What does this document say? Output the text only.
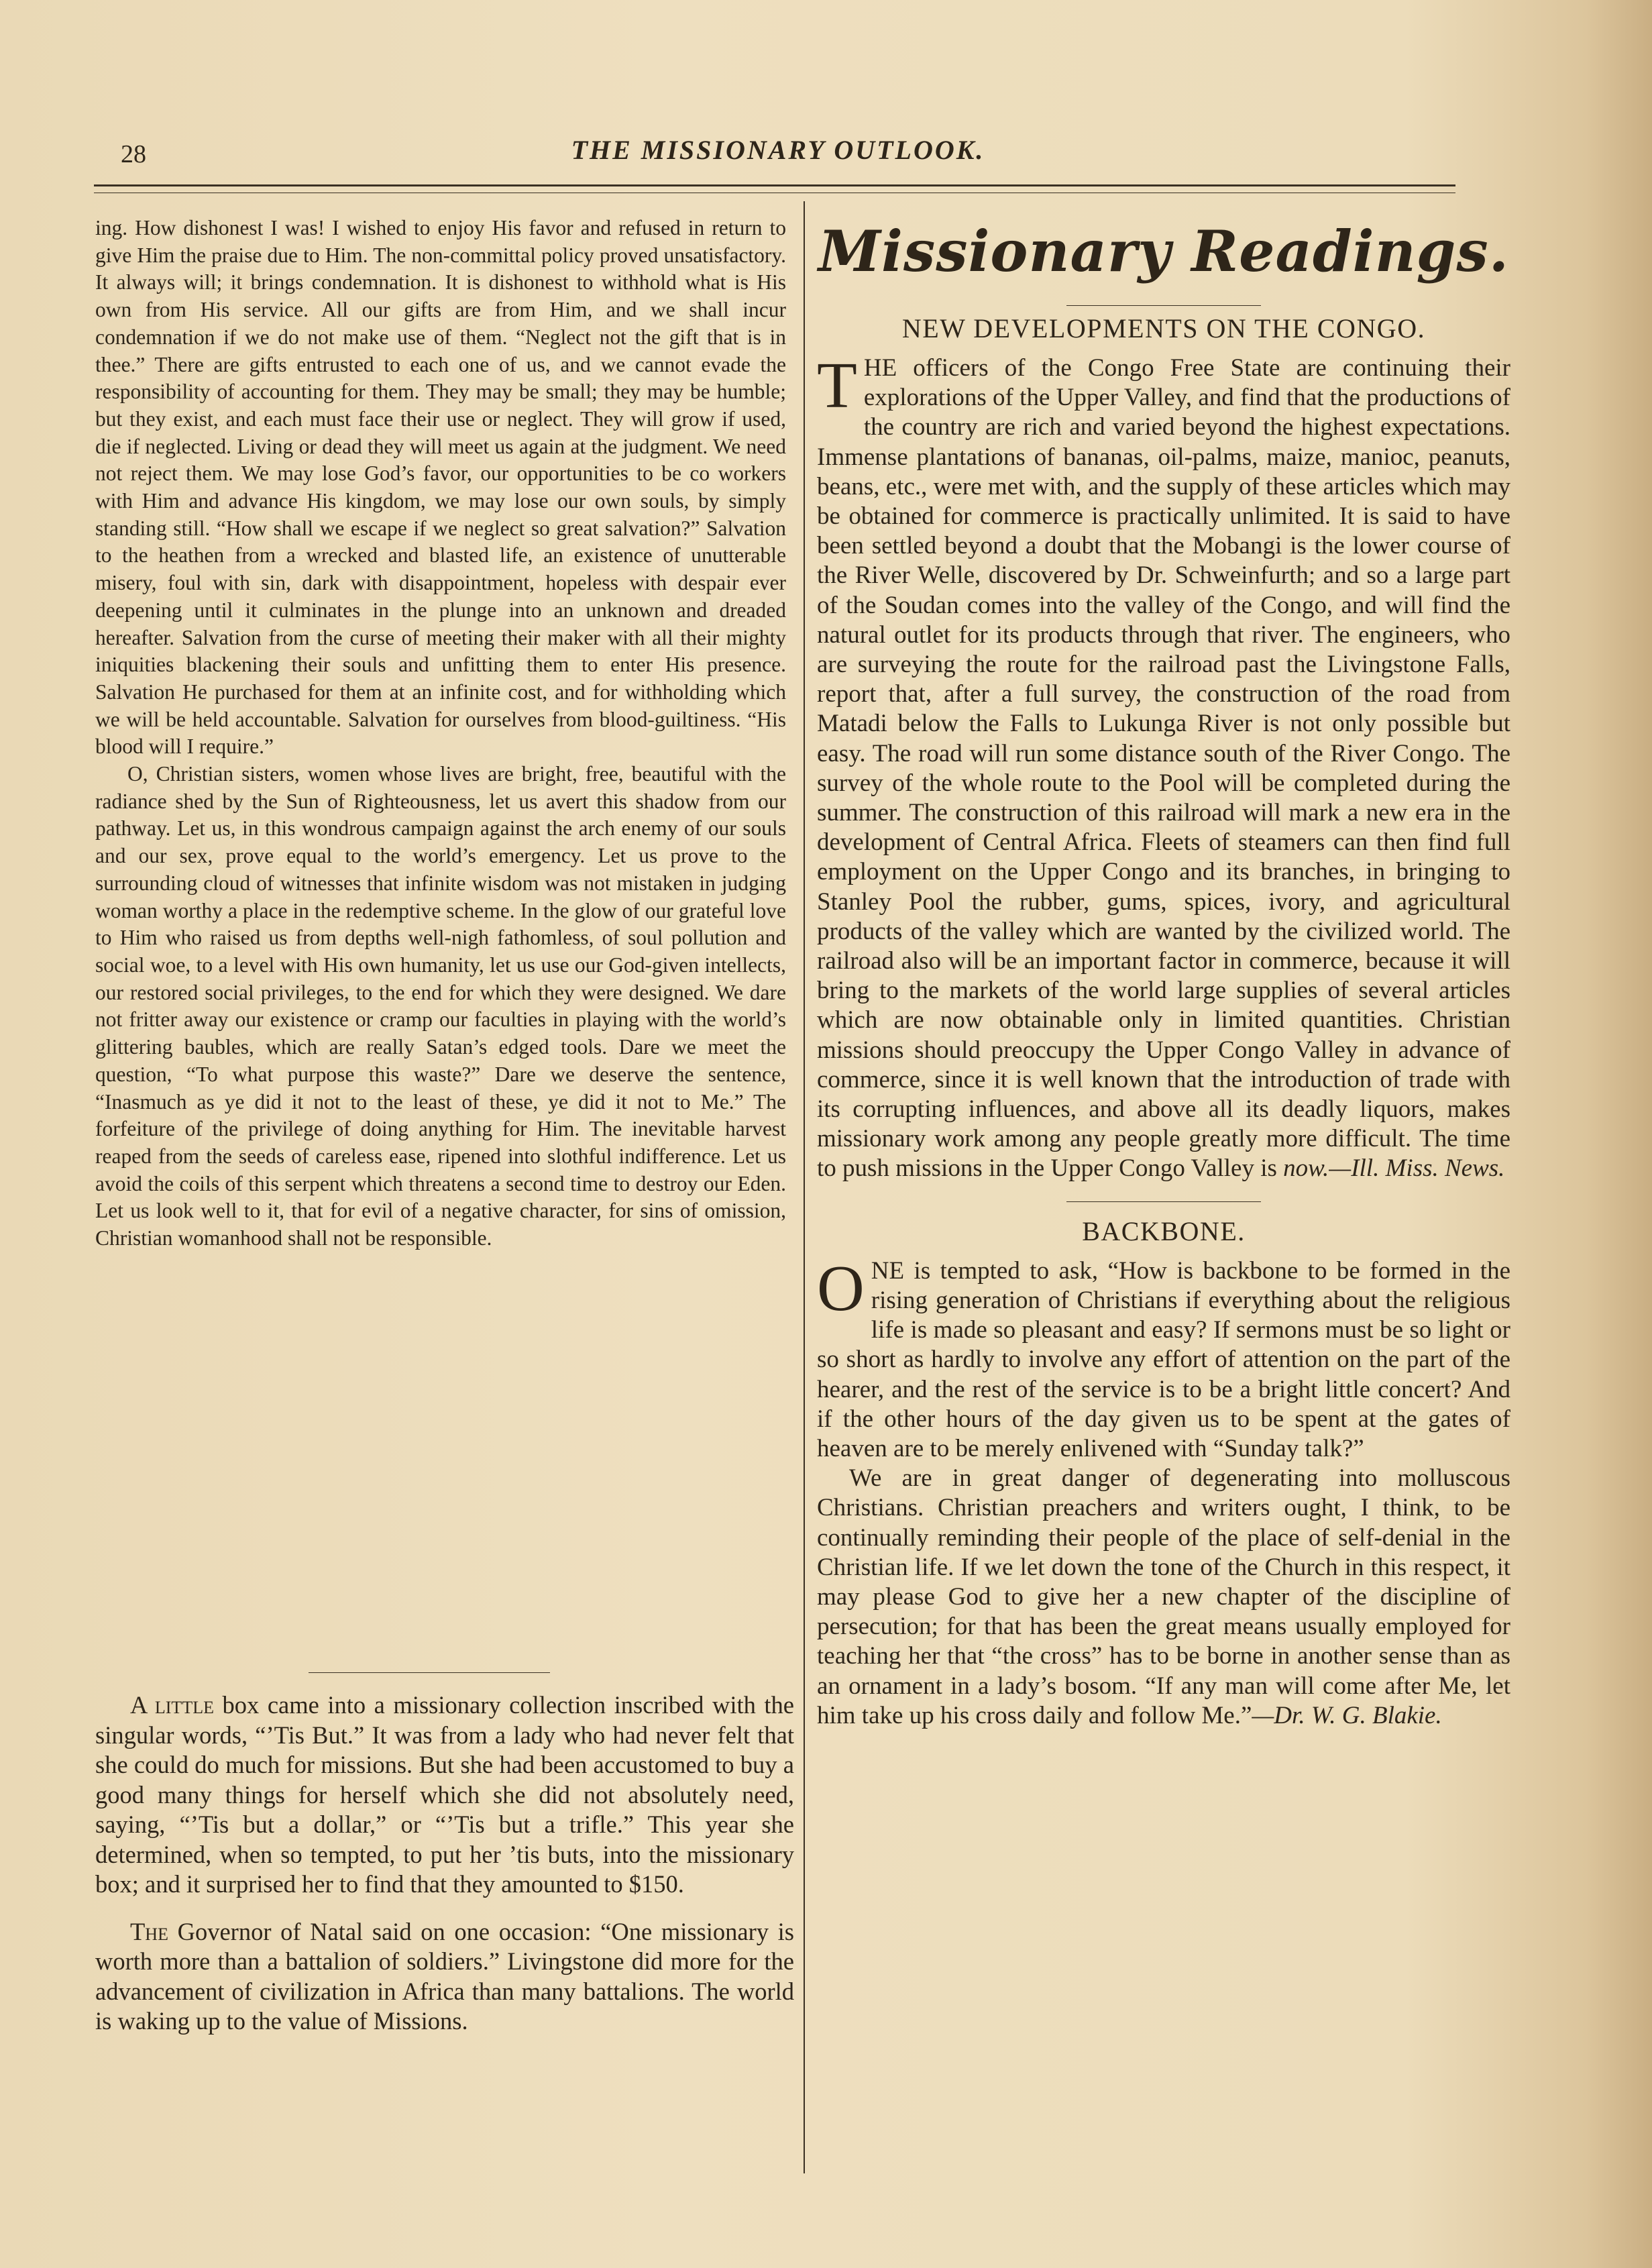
28	THE MISSIONARY OUTLOOK.

ing. How dishonest I was! I wished to enjoy His favor and refused in return to give Him the praise due to Him. The non-committal policy proved unsatisfactory. It always will; it brings condemnation. It is dishonest to withhold what is His own from His service. All our gifts are from Him, and we shall incur condemnation if we do not make use of them. “Neglect not the gift that is in thee.” There are gifts entrusted to each one of us, and we cannot evade the responsibility of accounting for them. They may be small; they may be humble; but they exist, and each must face their use or neglect. They will grow if used, die if neglected. Living or dead they will meet us again at the judgment. We need not reject them. We may lose God’s favor, our opportunities to be co workers with Him and advance His kingdom, we may lose our own souls, by simply standing still. “How shall we escape if we neglect so great salvation?” Salvation to the heathen from a wrecked and blasted life, an existence of unutterable misery, foul with sin, dark with disappointment, hopeless with despair ever deepening until it culminates in the plunge into an unknown and dreaded hereafter. Salvation from the curse of meeting their maker with all their mighty iniquities blackening their souls and unfitting them to enter His presence. Salvation He purchased for them at an infinite cost, and for withholding which we will be held accountable. Salvation for ourselves from blood-guiltiness. “His blood will I require.”

O, Christian sisters, women whose lives are bright, free, beautiful with the radiance shed by the Sun of Righteousness, let us avert this shadow from our pathway. Let us, in this wondrous campaign against the arch enemy of our souls and our sex, prove equal to the world’s emergency. Let us prove to the surrounding cloud of witnesses that infinite wisdom was not mistaken in judging woman worthy a place in the redemptive scheme. In the glow of our grateful love to Him who raised us from depths well-nigh fathomless, of soul pollution and social woe, to a level with His own humanity, let us use our God-given intellects, our restored social privileges, to the end for which they were designed. We dare not fritter away our existence or cramp our faculties in playing with the world’s glittering baubles, which are really Satan’s edged tools. Dare we meet the question, “To what purpose this waste?” Dare we deserve the sentence, “Inasmuch as ye did it not to the least of these, ye did it not to Me.” The forfeiture of the privilege of doing anything for Him. The inevitable harvest reaped from the seeds of careless ease, ripened into slothful indifference. Let us avoid the coils of this serpent which threatens a second time to destroy our Eden. Let us look well to it, that for evil of a negative character, for sins of omission, Christian womanhood shall not be responsible.

A little box came into a missionary collection inscribed with the singular words, “’Tis But.” It was from a lady who had never felt that she could do much for missions. But she had been accustomed to buy a good many things for herself which she did not absolutely need, saying, “’Tis but a dollar,” or “’Tis but a trifle.” This year she determined, when so tempted, to put her ’tis buts, into the missionary box; and it surprised her to find that they amounted to $150.

The Governor of Natal said on one occasion: “One missionary is worth more than a battalion of soldiers.” Livingstone did more for the advancement of civilization in Africa than many battalions. The world is waking up to the value of Missions.

Missionary Readings.
NEW DEVELOPMENTS ON THE CONGO.

THE officers of the Congo Free State are continuing their explorations of the Upper Valley, and find that the productions of the country are rich and varied beyond the highest expectations. Immense plantations of bananas, oil-palms, maize, manioc, peanuts, beans, etc., were met with, and the supply of these articles which may be obtained for commerce is practically unlimited. It is said to have been settled beyond a doubt that the Mobangi is the lower course of the River Welle, discovered by Dr. Schweinfurth; and so a large part of the Soudan comes into the valley of the Congo, and will find the natural outlet for its products through that river. The engineers, who are surveying the route for the railroad past the Livingstone Falls, report that, after a full survey, the construction of the road from Matadi below the Falls to Lukunga River is not only possible but easy. The road will run some distance south of the River Congo. The survey of the whole route to the Pool will be completed during the summer. The construction of this railroad will mark a new era in the development of Central Africa. Fleets of steamers can then find full employment on the Upper Congo and its branches, in bringing to Stanley Pool the rubber, gums, spices, ivory, and agricultural products of the valley which are wanted by the civilized world. The railroad also will be an important factor in commerce, because it will bring to the markets of the world large supplies of several articles which are now obtainable only in limited quantities. Christian missions should preoccupy the Upper Congo Valley in advance of commerce, since it is well known that the introduction of trade with its corrupting influences, and above all its deadly liquors, makes missionary work among any people greatly more difficult. The time to push missions in the Upper Congo Valley is now.—Ill. Miss. News.

BACKBONE.

ONE is tempted to ask, “How is backbone to be formed in the rising generation of Christians if everything about the religious life is made so pleasant and easy? If sermons must be so light or so short as hardly to involve any effort of attention on the part of the hearer, and the rest of the service is to be a bright little concert? And if the other hours of the day given us to be spent at the gates of heaven are to be merely enlivened with “Sunday talk?”

We are in great danger of degenerating into molluscous Christians. Christian preachers and writers ought, I think, to be continually reminding their people of the place of self-denial in the Christian life. If we let down the tone of the Church in this respect, it may please God to give her a new chapter of the discipline of persecution; for that has been the great means usually employed for teaching her that “the cross” has to be borne in another sense than as an ornament in a lady’s bosom. “If any man will come after Me, let him take up his cross daily and follow Me.”—Dr. W. G. Blakie.
